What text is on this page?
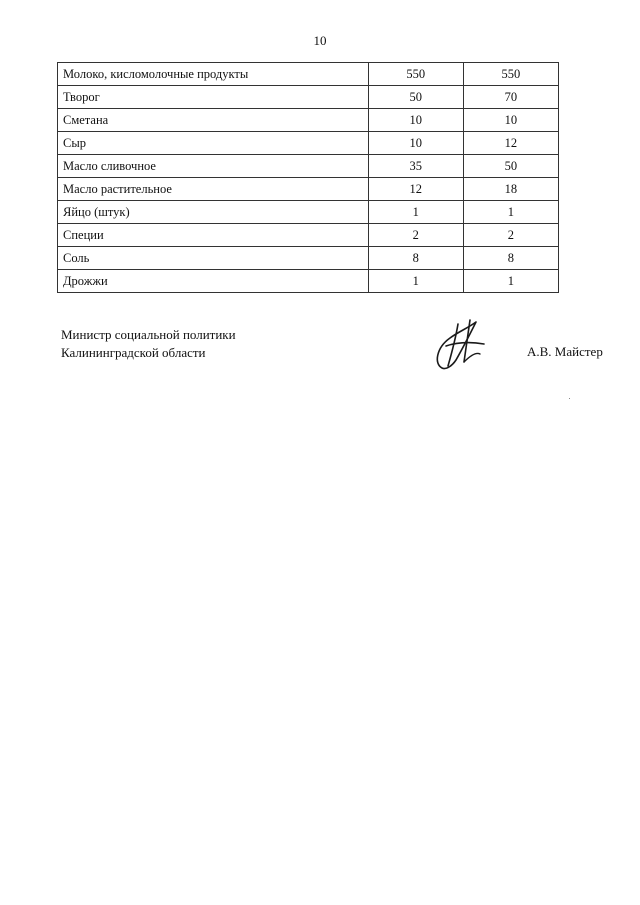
10
Молоко, кисломолочные продукты	550	550
Творог	50	70
Сметана	10	10
Сыр	10	12
Масло сливочное	35	50
Масло растительное	12	18
Яйцо (штук)	1	1
Специи	2	2
Соль	8	8
Дрожжи	1	1
Министр социальной политики
Калининградской области	А.В. Майстер
